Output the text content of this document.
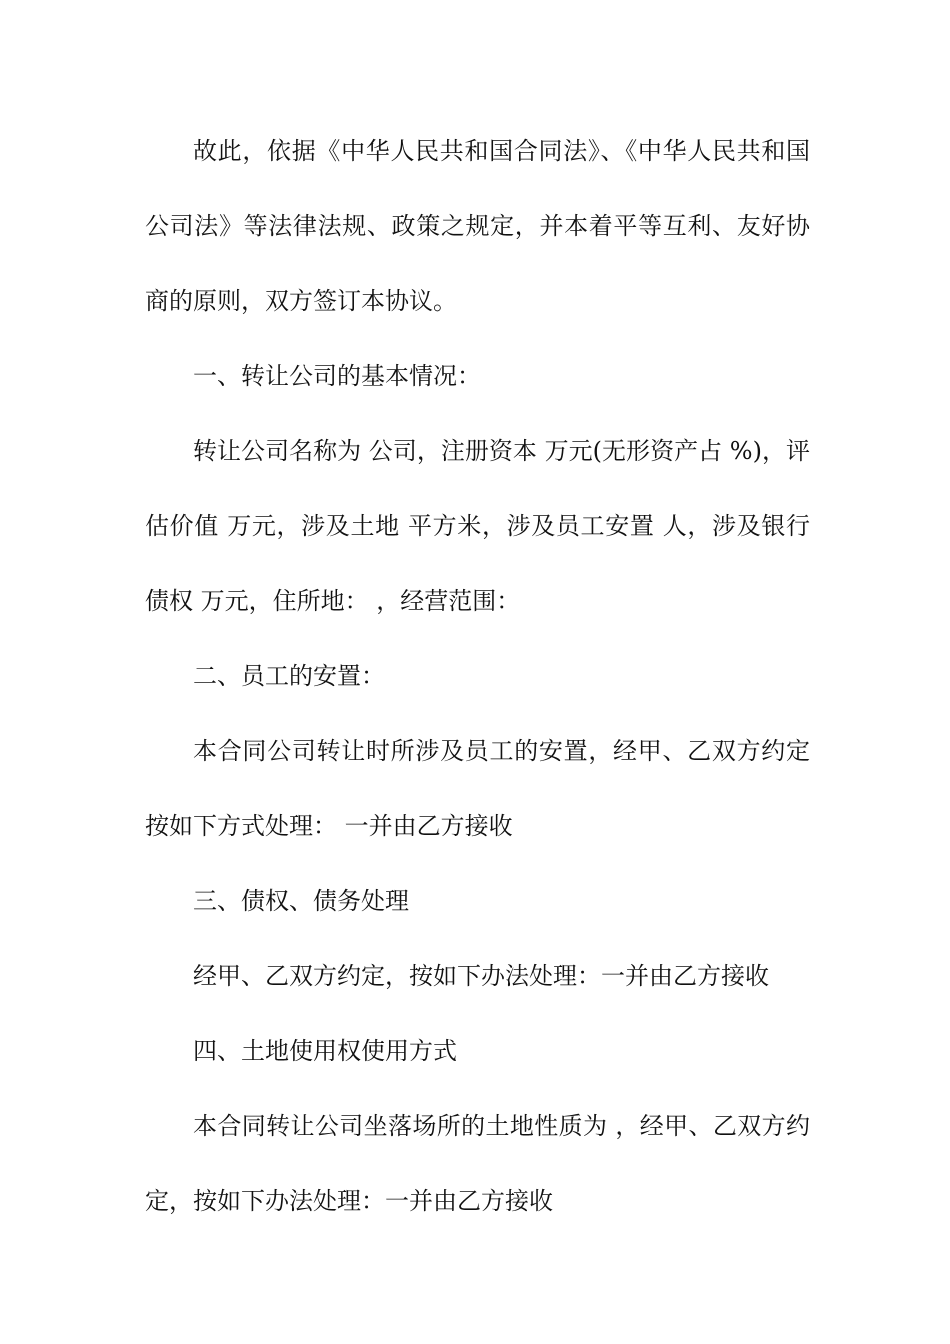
故此，依据《中华人民共和国合同法》、《中华人民共和国公司法》等法律法规、政策之规定，并本着平等互利、友好协商的原则，双方签订本协议。

一、转让公司的基本情况：

转让公司名称为 公司，注册资本 万元(无形资产占 %)，评估价值 万元，涉及土地 平方米，涉及员工安置 人，涉及银行债权 万元，住所地： ，经营范围：

二、员工的安置：

本合同公司转让时所涉及员工的安置，经甲、乙双方约定按如下方式处理： 一并由乙方接收

三、债权、债务处理

经甲、乙双方约定，按如下办法处理：一并由乙方接收

四、土地使用权使用方式

本合同转让公司坐落场所的土地性质为 ，经甲、乙双方约定，按如下办法处理：一并由乙方接收
